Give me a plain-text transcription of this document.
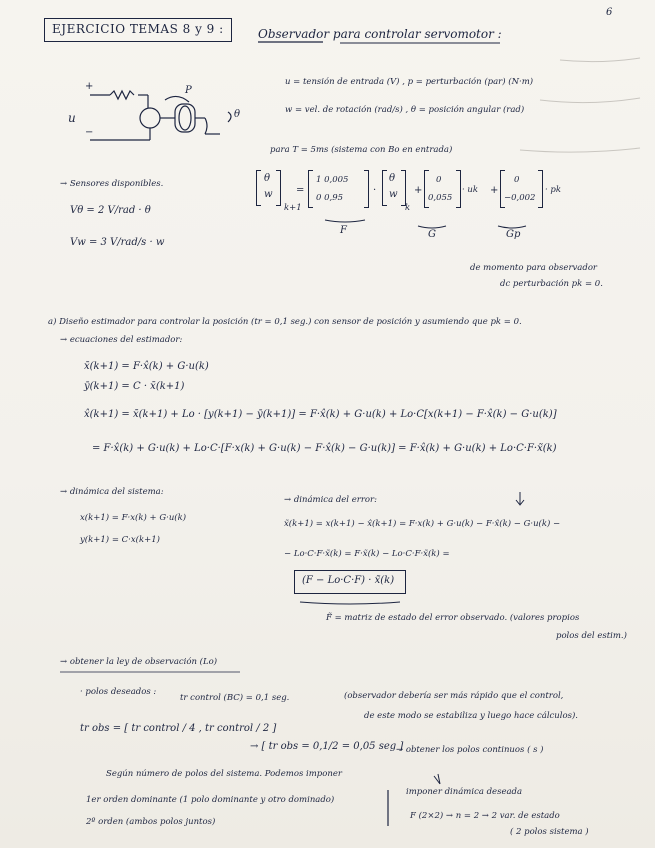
6
EJERCICIO TEMAS 8 y 9 :	Observador para controlar servomotor :
+
u
−
P
θ
u = tensión de entrada (V) , p = perturbación (par) (N·m)
w = vel. de rotación (rad/s) , θ = posición angular (rad)
para T = 5ms (sistema con Bo en entrada)
→ Sensores disponibles.
Vθ = 2 V/rad · θ
Vw = 3 V/rad/s · w
θ
w
k+1
=
1 0,005
0 0,95
·
θ
w
k
+
0
0,055
· uk +
0
−0,002
· pk
F	G	Gp
de momento para observador
dc perturbación pk = 0.
a) Diseño estimador para controlar la posición (tr = 0,1 seg.) con sensor de posición y asumiendo que pk = 0.
→ ecuaciones del estimador:
x̄(k+1) = F·x̂(k) + G·u(k)
ȳ(k+1) = C · x̄(k+1)
x̂(k+1) = x̄(k+1) + Lo · [y(k+1) − ȳ(k+1)] = F·x̂(k) + G·u(k) + Lo·C[x(k+1) − F·x̂(k) − G·u(k)]
= F·x̂(k) + G·u(k) + Lo·C·[F·x(k) + G·u(k) − F·x̂(k) − G·u(k)] = F·x̂(k) + G·u(k) + Lo·C·F·x̃(k)
→ dinámica del sistema:
x(k+1) = F·x(k) + G·u(k)
y(k+1) = C·x(k+1)
→ dinámica del error:
x̃(k+1) = x(k+1) − x̂(k+1) = F·x(k) + G·u(k) − F·x̂(k) − G·u(k) −
− Lo·C·F·x̃(k) = F·x̃(k) − Lo·C·F·x̃(k) =
(F − Lo·C·F) · x̃(k)
F̃ = matriz de estado del error observado. (valores propios
polos del estim.)
→ obtener la ley de observación (Lo)
· polos deseados :
tr control (BC) = 0,1 seg.	(observador debería ser más rápido que el control,
de este modo se estabiliza y luego hace cálculos).
tr obs = [ tr control / 4 , tr control / 2 ]
→ [ tr obs = 0,1/2 = 0,05 seg ]
→ obtener los polos continuos ( s )
Según número de polos del sistema. Podemos imponer
1er orden dominante (1 polo dominante y otro dominado)
2º orden (ambos polos juntos)
imponer dinámica deseada
F (2×2) → n = 2 → 2 var. de estado
( 2 polos sistema )
